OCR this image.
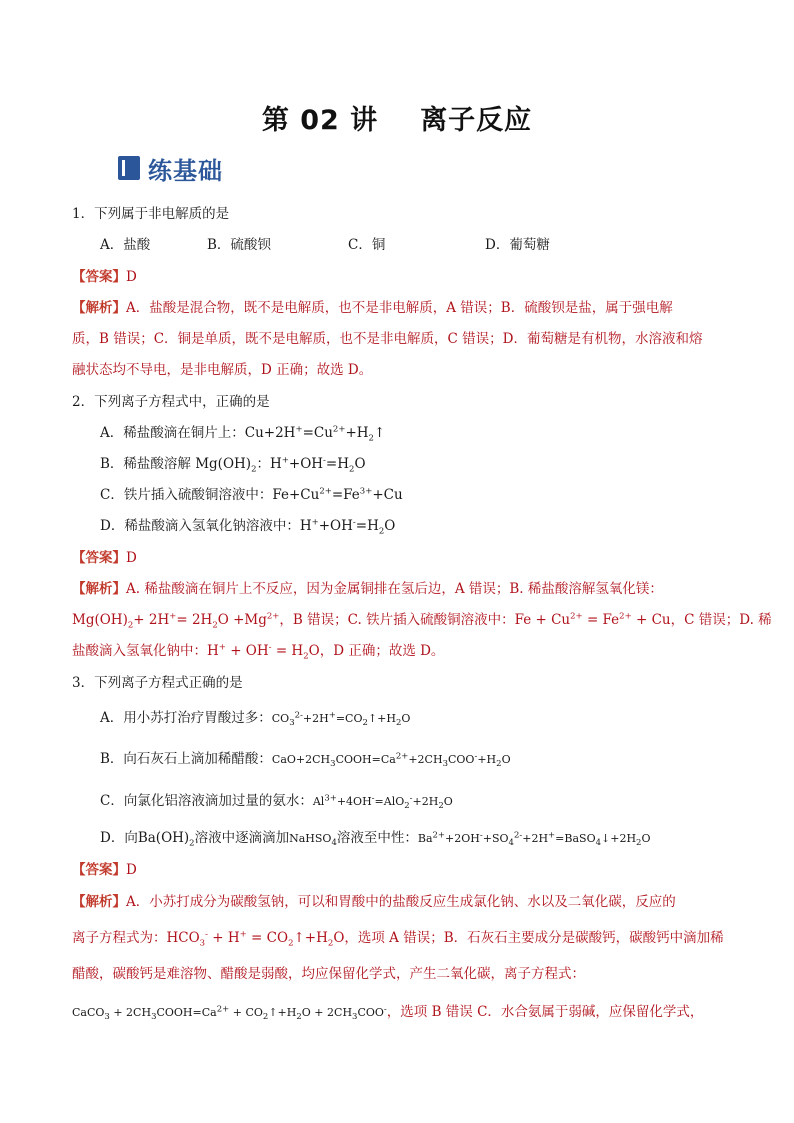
第 02 讲 离子反应
练基础
1．下列属于非电解质的是
A．盐酸	B．硫酸钡	C．铜	D．葡萄糖
【答案】D
【解析】A．盐酸是混合物，既不是电解质，也不是非电解质，A 错误；B．硫酸钡是盐，属于强电解
质，B 错误；C．铜是单质，既不是电解质，也不是非电解质，C 错误；D．葡萄糖是有机物，水溶液和熔
融状态均不导电，是非电解质，D 正确；故选 D。
2．下列离子方程式中，正确的是
A．稀盐酸滴在铜片上：$Cu+2H^+=Cu^{2+}+H_2↑$
B．稀盐酸溶解 $Mg(OH)_2$：$H^++OH^-=H_2O$
C．铁片插入硫酸铜溶液中：$Fe+Cu^{2+}=Fe^{3+}+Cu$
D．稀盐酸滴入氢氧化钠溶液中：$H^++OH^-=H_2O$
【答案】D
【解析】A. 稀盐酸滴在铜片上不反应，因为金属铜排在氢后边，A 错误；B. 稀盐酸溶解氢氧化镁：
$Mg(OH)_2+ 2H^+= 2H_2O +Mg^{2+}$，B 错误；C. 铁片插入硫酸铜溶液中：$Fe + Cu^{2+} = Fe^{2+} + Cu$，C 错误；D. 稀
盐酸滴入氢氧化钠中：$H^+ + OH^- = H_2O$，D 正确；故选 D。
3．下列离子方程式正确的是
A．用小苏打治疗胃酸过多：$CO_3^{2-}+2H^+=CO_2↑+H_2O$
B．向石灰石上滴加稀醋酸：$CaO+2CH_3COOH=Ca^{2+}+2CH_3COO^-+H_2O$
C．向氯化铝溶液滴加过量的氨水：$Al^{3+}+4OH^-=AlO_2^-+2H_2O$
D．向$Ba(OH)_2$溶液中逐滴滴加NaHSO$_4$溶液至中性：$Ba^{2+}+2OH^-+SO_4^{2-}+2H^+=BaSO_4↓+2H_2O$
【答案】D
【解析】A．小苏打成分为碳酸氢钠，可以和胃酸中的盐酸反应生成氯化钠、水以及二氧化碳，反应的
离子方程式为：$HCO_3^- + H^+$ = $CO_2↑+H_2O$，选项 A 错误；B．石灰石主要成分是碳酸钙，碳酸钙中滴加稀
醋酸，碳酸钙是难溶物、醋酸是弱酸，均应保留化学式，产生二氧化碳，离子方程式：
CaCO$_3$ + $2CH_3COOH=Ca^{2+}$ + $CO_2↑+H_2O + 2CH_3COO^-$，选项 B 错误 C．水合氨属于弱碱，应保留化学式，
